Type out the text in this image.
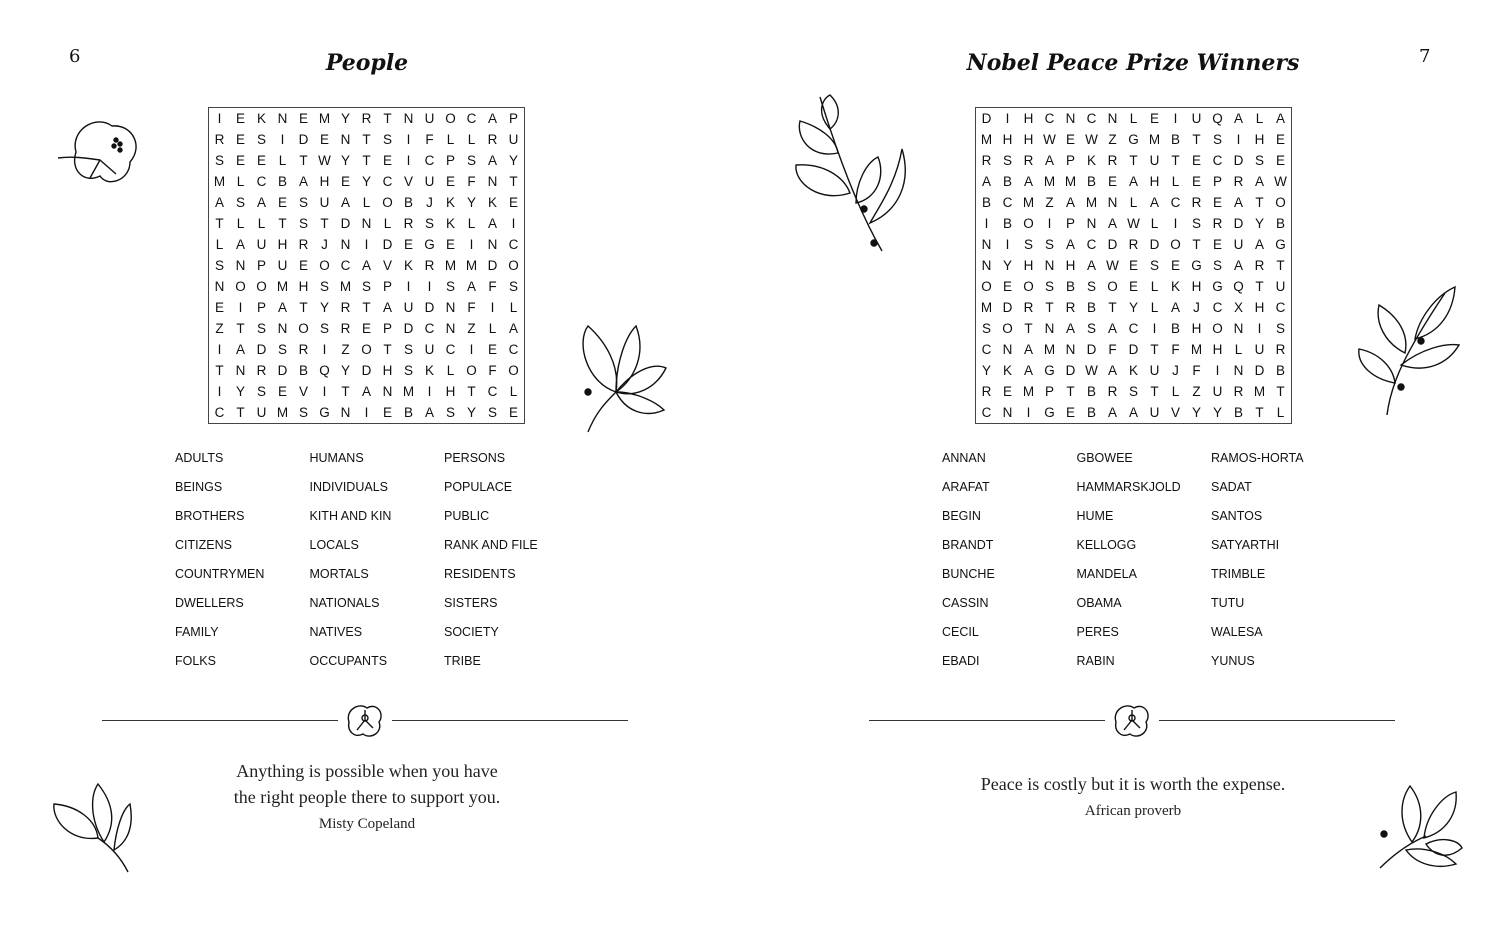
6	7
People	Nobel Peace Prize Winners
I	E K N E M Y R T N U O C A P
R E S	I	D E N T S	I	F L L R U
S E E L T W Y T E	I	C P S A Y
M L C B A H E Y C V U E F N T
A S A E S U A L O B J K Y K E
T L L T S T D N L R S K L A	I
L A U H R J N	I	D E G E	I	N C
S N P U E O C A V K R M M D O
N O O M H S M S P	I	I	S A F S
E	I	P A T Y R T A U D N F	I	L
Z T S N O S R E P D C N Z L A
I	A D S R	I	Z O T S U C	I	E C
T N R D B Q Y D H S K L O F O
I	Y S E V	I	T A N M I	H T C L
C T U M S G N	I	E B A S Y S E
D	I	H C N C N L E	I	U Q A L A
M H H W E W Z G M B T S	I	H E
R S R A P K R T U T E C D S E
A B A M M B E A H L E P R A W
B C M Z A M N L A C R E A T O
I	B O	I	P N A W L	I	S R D Y B
N	I	S S A C D R D O T E U A G
N Y H N H A W E S E G S A R T
O E O S B S O E L K H G Q T U
M D R T R B T Y L A J C X H C
S O T N A S A C	I	B H O N	I	S
C N A M N D F D T F M H L U R
Y K A G D W A K U J	F	I	N D B
R E M P T B R S T L Z U R M T
C N	I	G E B A A U V Y Y B T L
ADULTS	HUMANS	PERSONS
BEINGS	INDIVIDUALS	POPULACE
BROTHERS	KITH AND KIN	PUBLIC
CITIZENS	LOCALS	RANK AND FILE
COUNTRYMEN	MORTALS	RESIDENTS
DWELLERS	NATIONALS	SISTERS
FAMILY	NATIVES	SOCIETY
FOLKS	OCCUPANTS	TRIBE
ANNAN	GBOWEE	RAMOS-HORTA
ARAFAT	HAMMARSKJOLD	SADAT
BEGIN	HUME	SANTOS
BRANDT	KELLOGG	SATYARTHI
BUNCHE	MANDELA	TRIMBLE
CASSIN	OBAMA	TUTU
CECIL	PERES	WALESA
EBADI	RABIN	YUNUS
Anything is possible when you have
the right people there to support you.
Misty Copeland
Peace is costly but it is worth the expense.
African proverb
